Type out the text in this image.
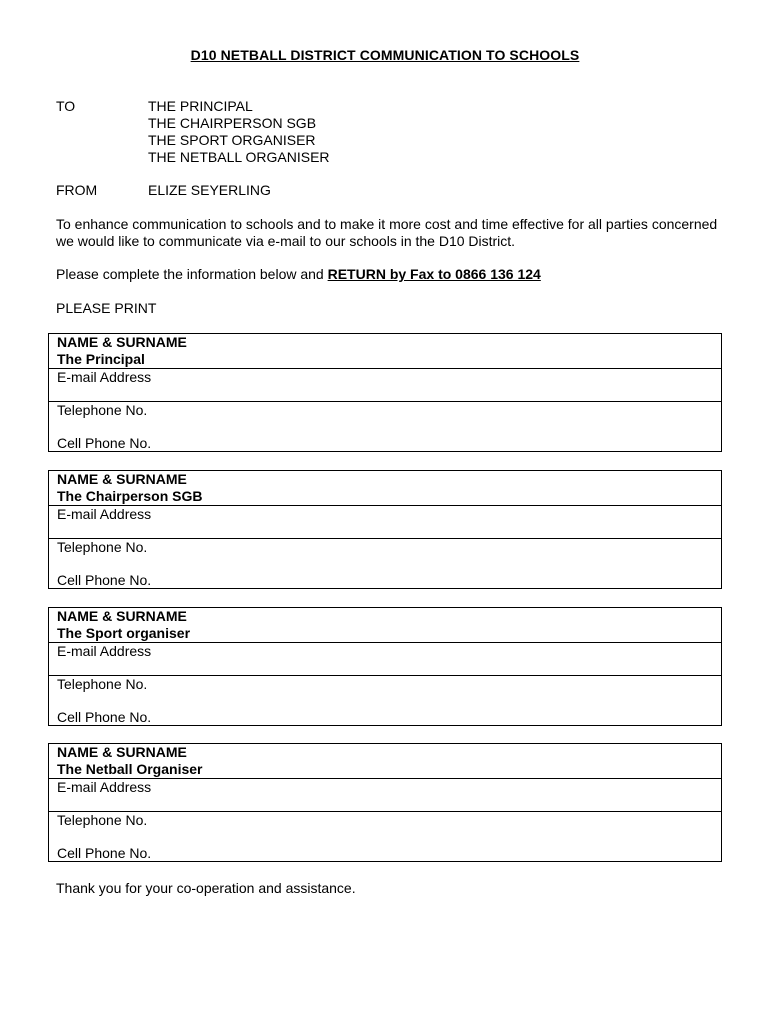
D10 NETBALL DISTRICT COMMUNICATION TO SCHOOLS
TO	THE PRINCIPAL
THE CHAIRPERSON SGB
THE SPORT ORGANISER
THE NETBALL ORGANISER
FROM	ELIZE SEYERLING
To enhance communication to schools and to make it more cost and time effective for all parties concerned we would like to communicate via e-mail to our schools in the D10 District.
Please complete the information below and RETURN by Fax to 0866 136 124
PLEASE PRINT
NAME & SURNAME
The Principal
E-mail Address
Telephone No.
Cell Phone No.
NAME & SURNAME
The Chairperson SGB
E-mail Address
Telephone No.
Cell Phone No.
NAME & SURNAME
The Sport organiser
E-mail Address
Telephone No.
Cell Phone No.
NAME & SURNAME
The Netball Organiser
E-mail Address
Telephone No.
Cell Phone No.
Thank you for your co-operation and assistance.
